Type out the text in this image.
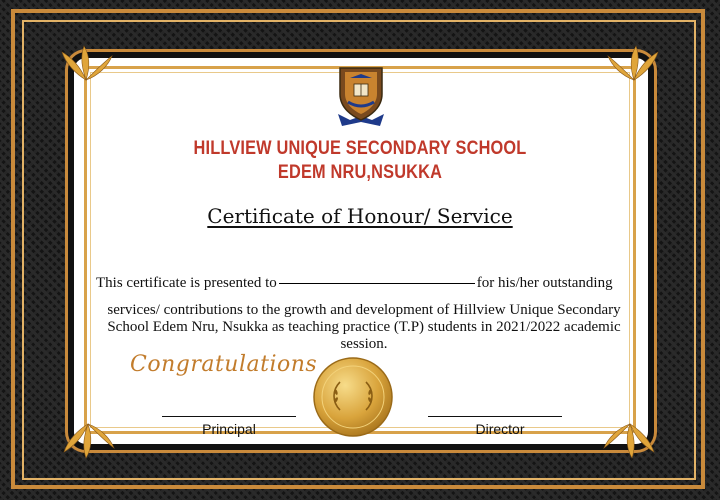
HILLVIEW UNIQUE SECONDARY SCHOOL
EDEM NRU,NSUKKA
Certificate of Honour/ Service
This certificate is presented to	for his/her outstanding
services/ contributions to the growth and development of Hillview Unique Secondary School Edem Nru, Nsukka as teaching practice (T.P) students in 2021/2022 academic session.
Congratulations
Principal	Director
